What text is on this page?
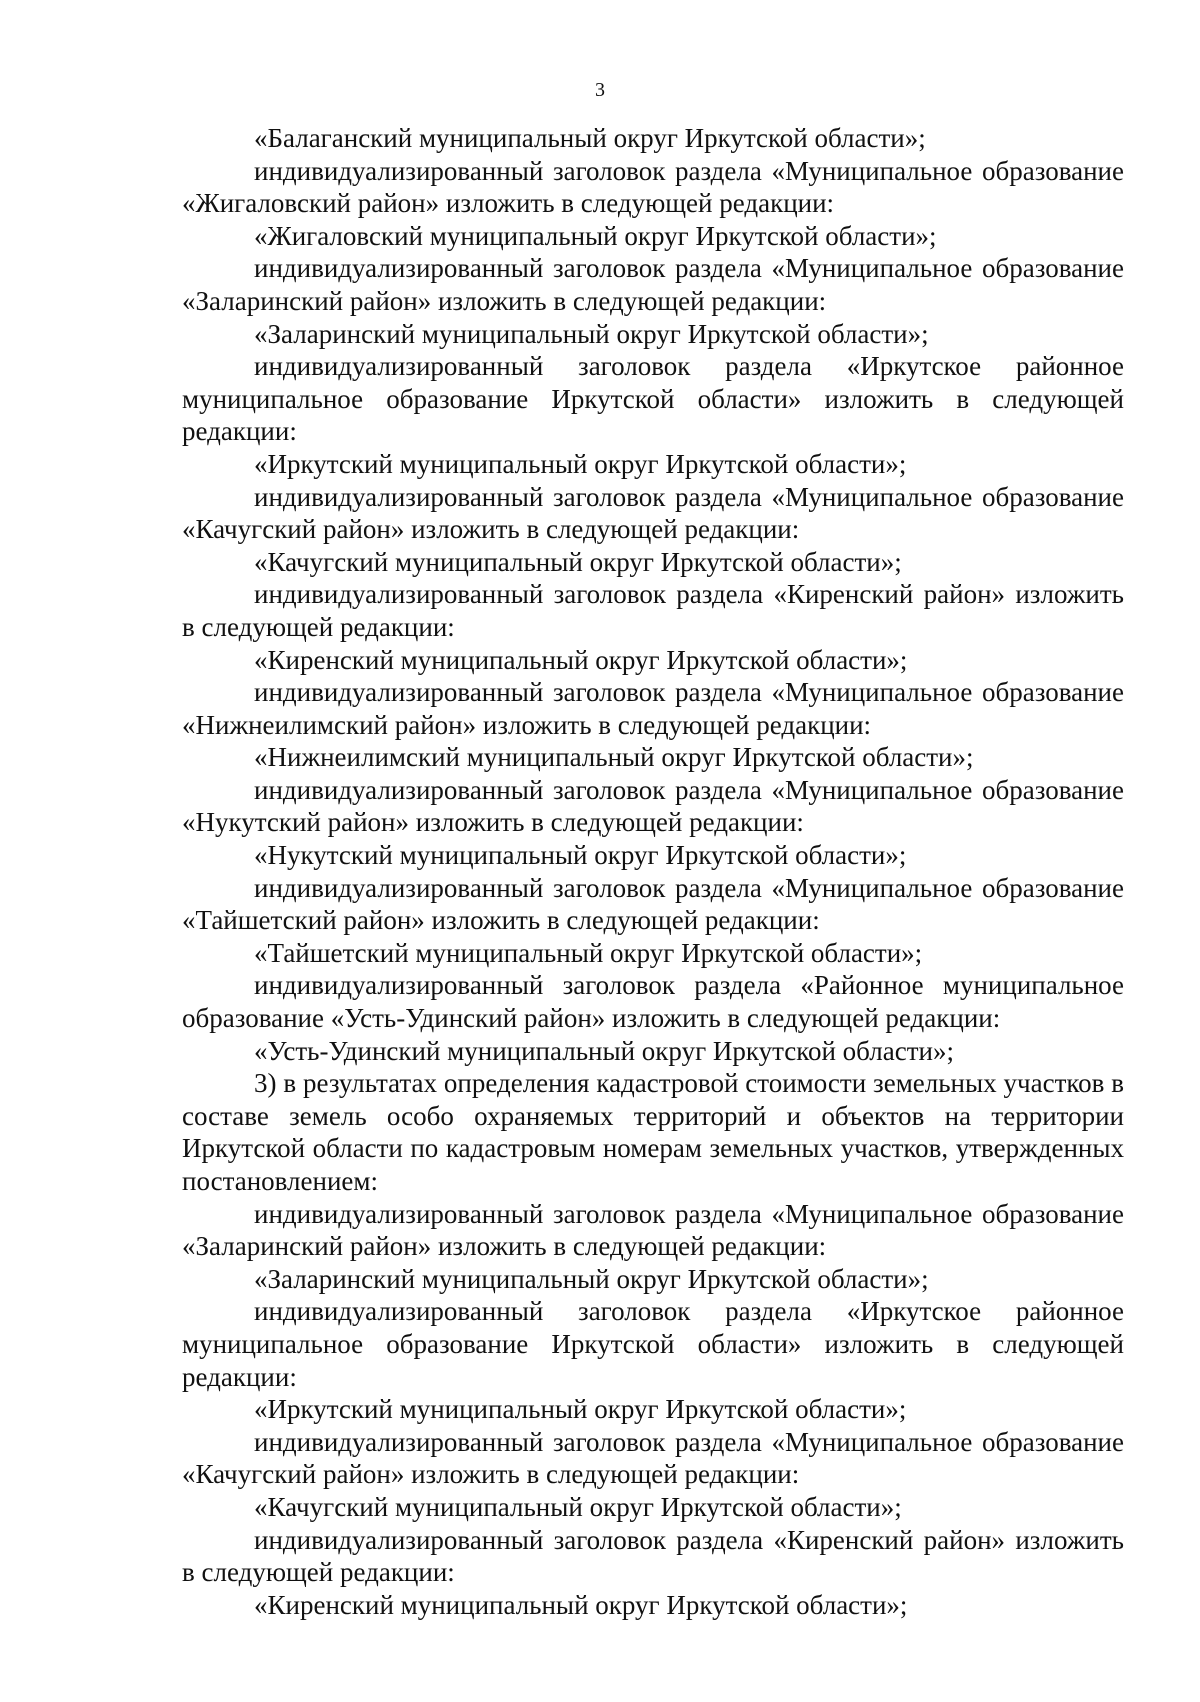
3

«Балаганский муниципальный округ Иркутской области»;

индивидуализированный заголовок раздела «Муниципальное образование «Жигаловский район» изложить в следующей редакции:

«Жигаловский муниципальный округ Иркутской области»;

индивидуализированный заголовок раздела «Муниципальное образование «Заларинский район» изложить в следующей редакции:

«Заларинский муниципальный округ Иркутской области»;

индивидуализированный заголовок раздела «Иркутское районное муниципальное образование Иркутской области» изложить в следующей редакции:

«Иркутский муниципальный округ Иркутской области»;

индивидуализированный заголовок раздела «Муниципальное образование «Качугский район» изложить в следующей редакции:

«Качугский муниципальный округ Иркутской области»;

индивидуализированный заголовок раздела «Киренский район» изложить в следующей редакции:

«Киренский муниципальный округ Иркутской области»;

индивидуализированный заголовок раздела «Муниципальное образование «Нижнеилимский район» изложить в следующей редакции:

«Нижнеилимский муниципальный округ Иркутской области»;

индивидуализированный заголовок раздела «Муниципальное образование «Нукутский район» изложить в следующей редакции:

«Нукутский муниципальный округ Иркутской области»;

индивидуализированный заголовок раздела «Муниципальное образование «Тайшетский район» изложить в следующей редакции:

«Тайшетский муниципальный округ Иркутской области»;

индивидуализированный заголовок раздела «Районное муниципальное образование «Усть-Удинский район» изложить в следующей редакции:

«Усть-Удинский муниципальный округ Иркутской области»;

3) в результатах определения кадастровой стоимости земельных участков в составе земель особо охраняемых территорий и объектов на территории Иркутской области по кадастровым номерам земельных участков, утвержденных постановлением:

индивидуализированный заголовок раздела «Муниципальное образование «Заларинский район» изложить в следующей редакции:

«Заларинский муниципальный округ Иркутской области»;

индивидуализированный заголовок раздела «Иркутское районное муниципальное образование Иркутской области» изложить в следующей редакции:

«Иркутский муниципальный округ Иркутской области»;

индивидуализированный заголовок раздела «Муниципальное образование «Качугский район» изложить в следующей редакции:

«Качугский муниципальный округ Иркутской области»;

индивидуализированный заголовок раздела «Киренский район» изложить в следующей редакции:

«Киренский муниципальный округ Иркутской области»;
